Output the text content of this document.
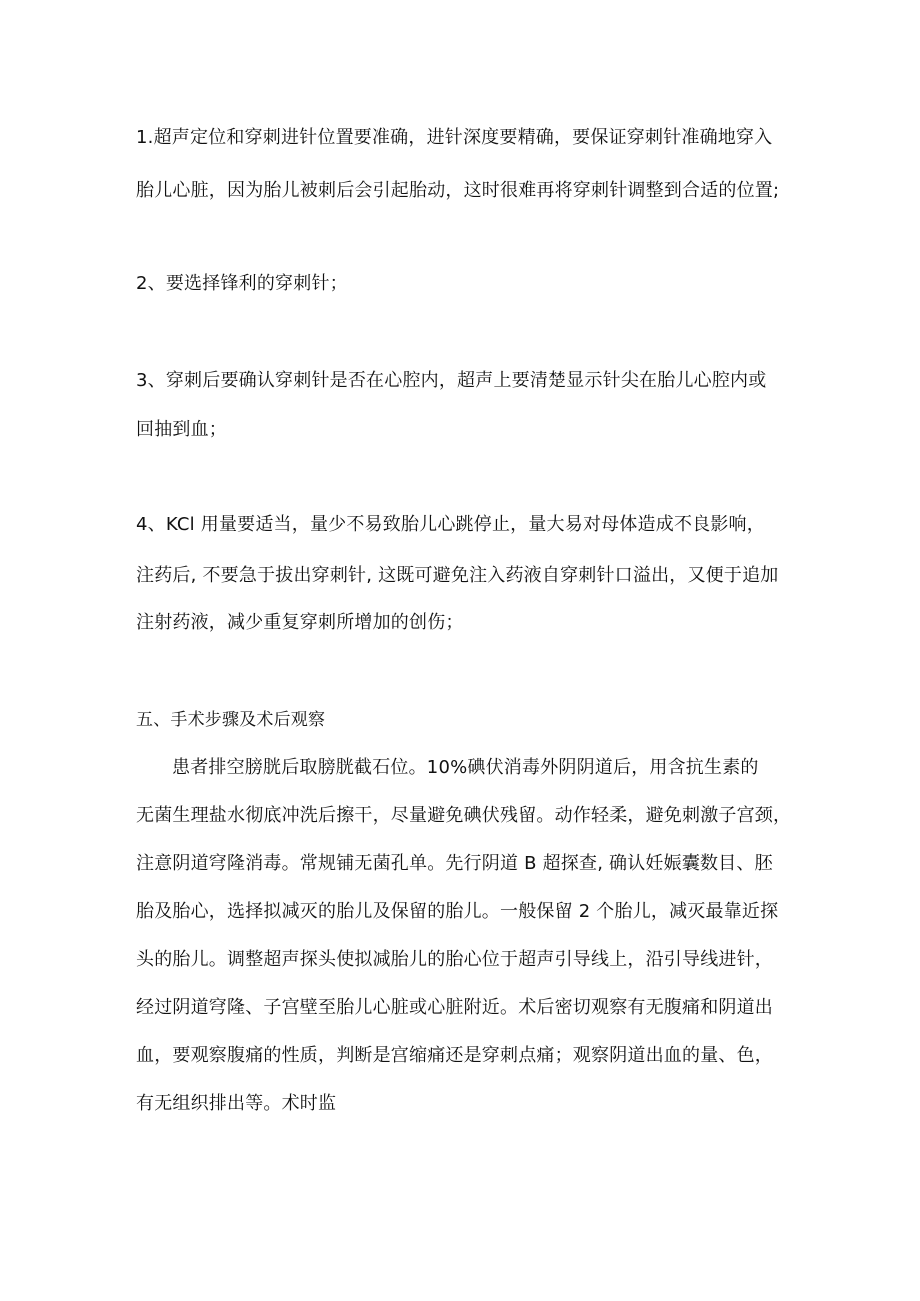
1.超声定位和穿刺进针位置要准确，进针深度要精确，要保证穿刺针准确地穿入
胎儿心脏，因为胎儿被刺后会引起胎动，这时很难再将穿刺针调整到合适的位置;
2、要选择锋利的穿刺针；
3、穿刺后要确认穿刺针是否在心腔内，超声上要清楚显示针尖在胎儿心腔内或
回抽到血；
4、KCl 用量要适当，量少不易致胎儿心跳停止，量大易对母体造成不良影响，
注药后, 不要急于拔出穿刺针, 这既可避免注入药液自穿刺针口溢出，又便于追加
注射药液，减少重复穿刺所增加的创伤；
五、手术步骤及术后观察
患者排空膀胱后取膀胱截石位。10%碘伏消毒外阴阴道后，用含抗生素的
无菌生理盐水彻底冲洗后擦干，尽量避免碘伏残留。动作轻柔，避免刺激子宫颈，
注意阴道穹隆消毒。常规铺无菌孔单。先行阴道 B 超探查, 确认妊娠囊数目、胚
胎及胎心，选择拟减灭的胎儿及保留的胎儿。一般保留 2 个胎儿，减灭最靠近探
头的胎儿。调整超声探头使拟减胎儿的胎心位于超声引导线上，沿引导线进针，
经过阴道穹隆、子宫壁至胎儿心脏或心脏附近。术后密切观察有无腹痛和阴道出
血，要观察腹痛的性质，判断是宫缩痛还是穿刺点痛；观察阴道出血的量、色，
有无组织排出等。术时监
